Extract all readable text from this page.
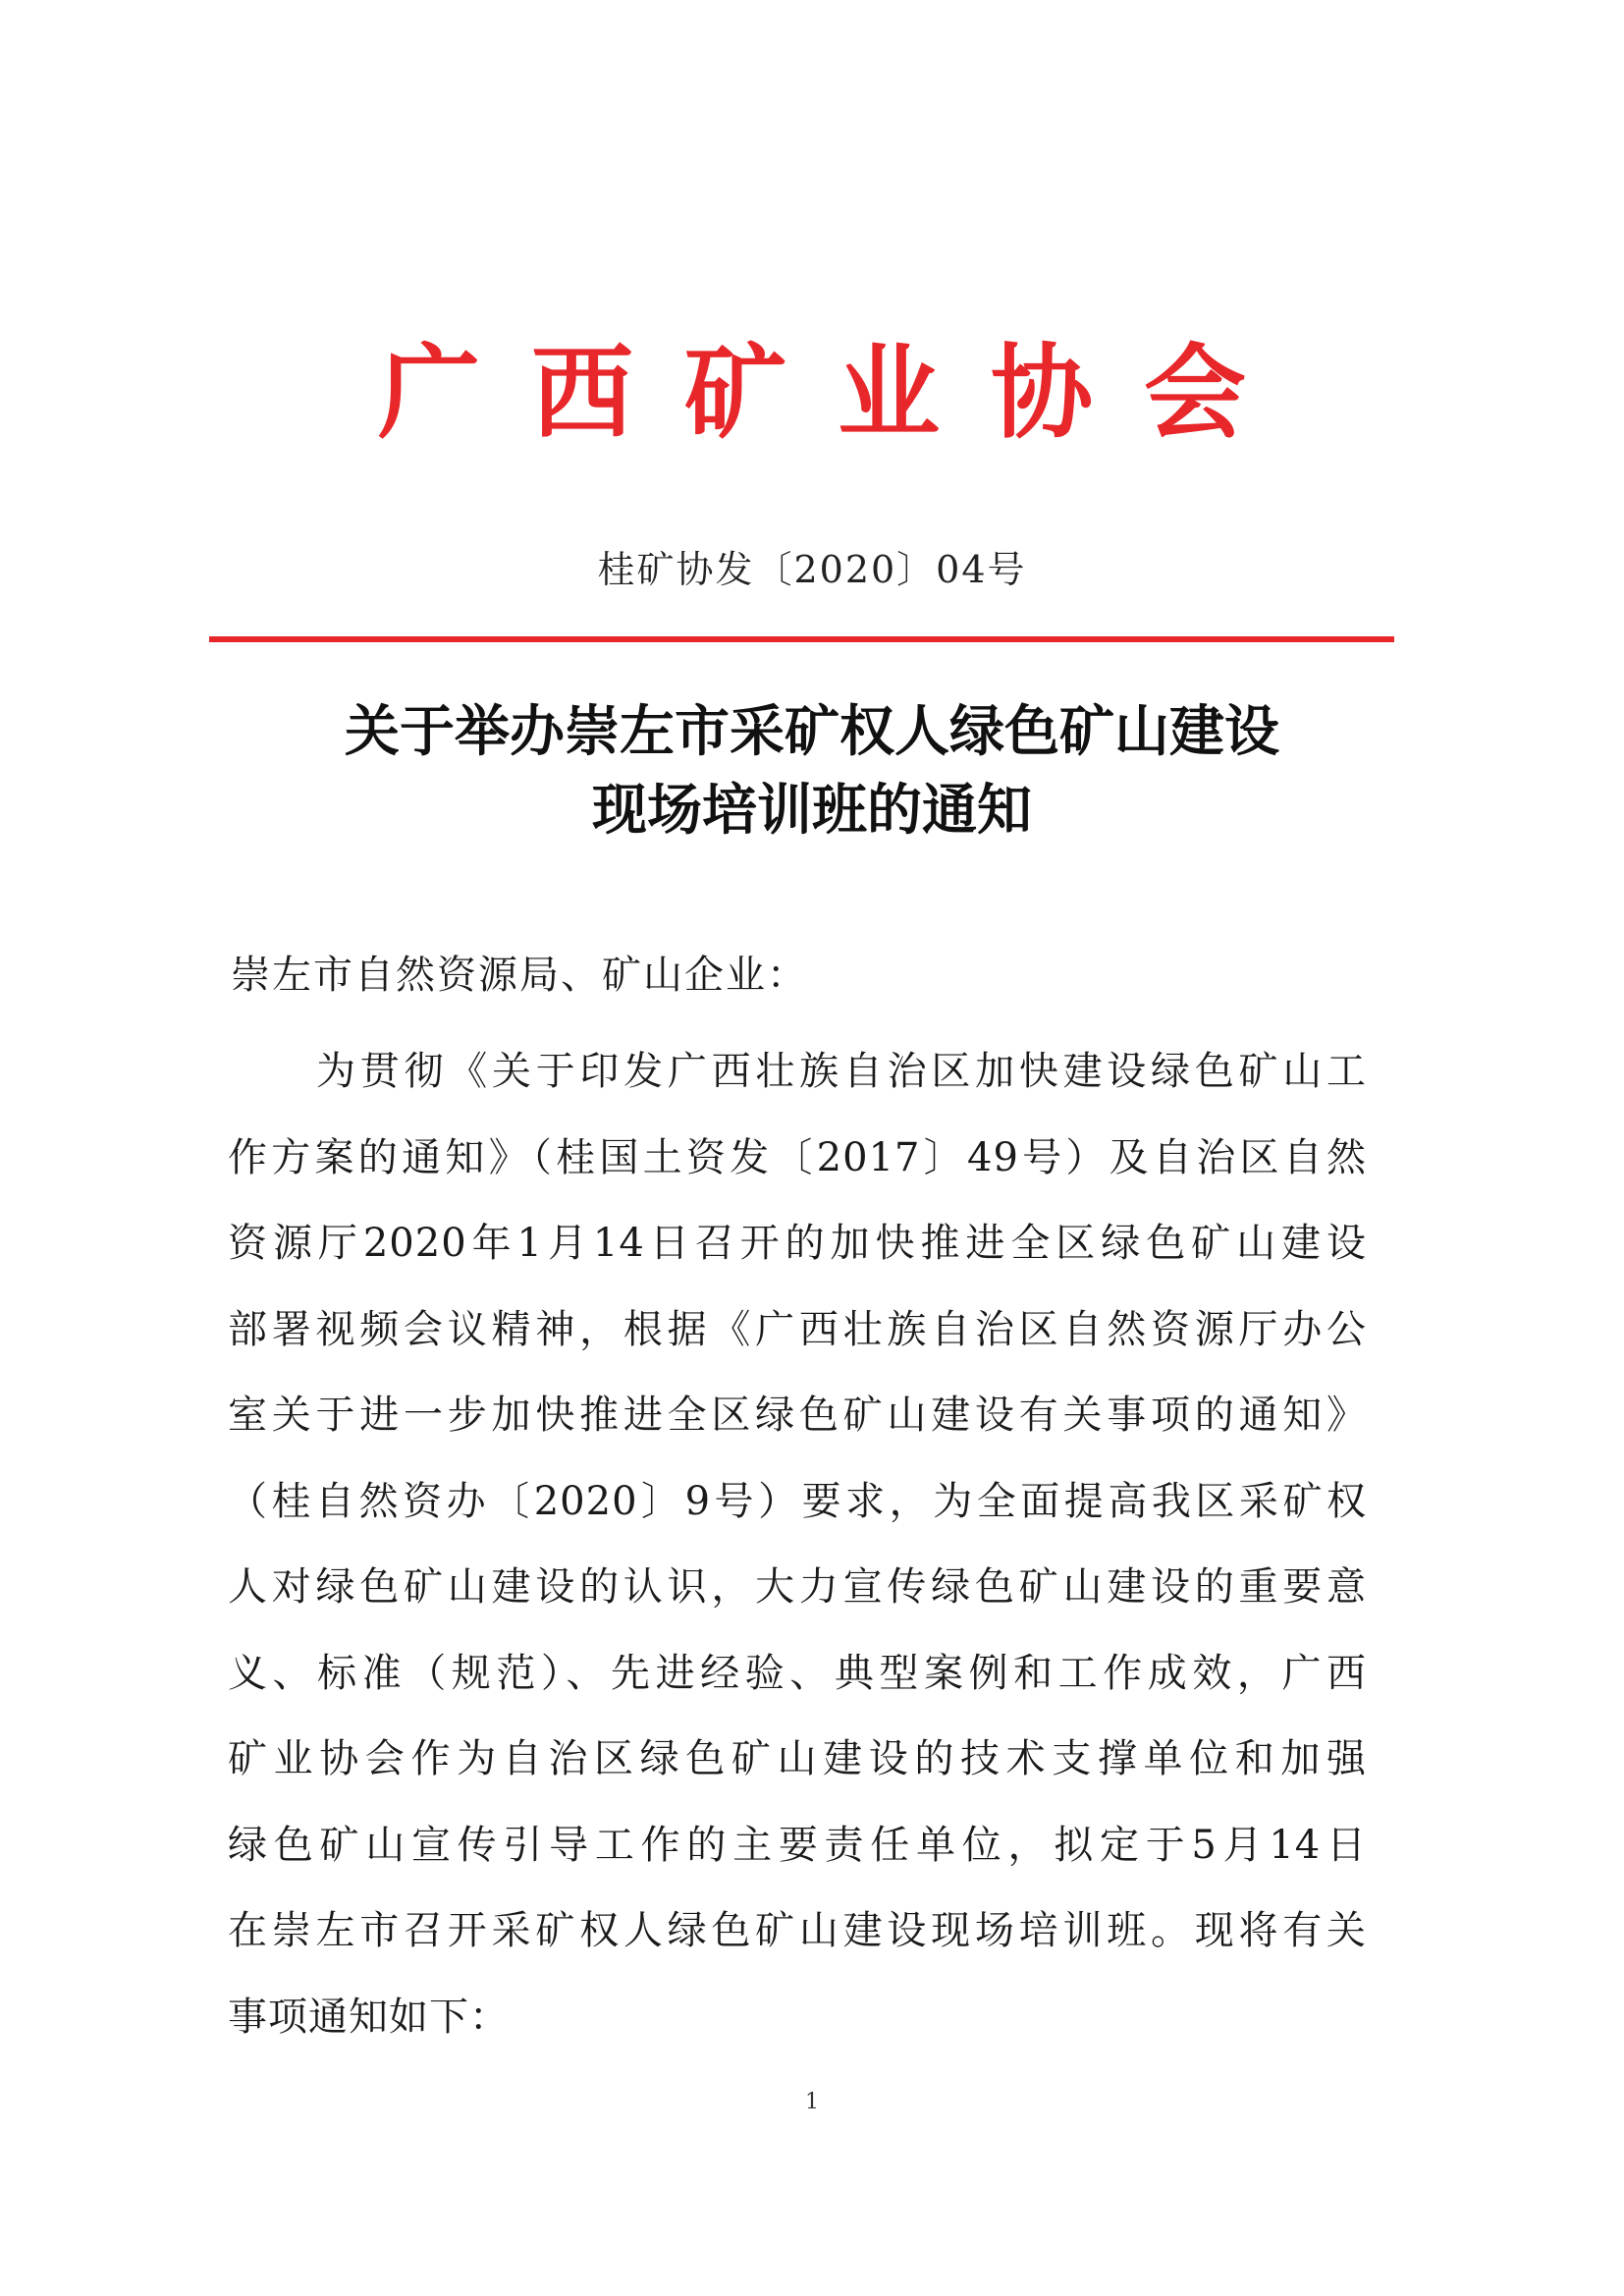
广西矿业协会
桂矿协发〔2020〕04号
关于举办崇左市采矿权人绿色矿山建设
现场培训班的通知
崇左市自然资源局、矿山企业：
为贯彻《关于印发广西壮族自治区加快建设绿色矿山工
作方案的通知》（桂国土资发〔2017〕49号）及自治区自然
资源厅2020年1月14日召开的加快推进全区绿色矿山建设
部署视频会议精神，根据《广西壮族自治区自然资源厅办公
室关于进一步加快推进全区绿色矿山建设有关事项的通知》
（桂自然资办〔2020〕9号）要求，为全面提高我区采矿权
人对绿色矿山建设的认识，大力宣传绿色矿山建设的重要意
义、标准（规范）、先进经验、典型案例和工作成效，广西
矿业协会作为自治区绿色矿山建设的技术支撑单位和加强
绿色矿山宣传引导工作的主要责任单位，拟定于5月14日
在崇左市召开采矿权人绿色矿山建设现场培训班。现将有关
事项通知如下：
1
